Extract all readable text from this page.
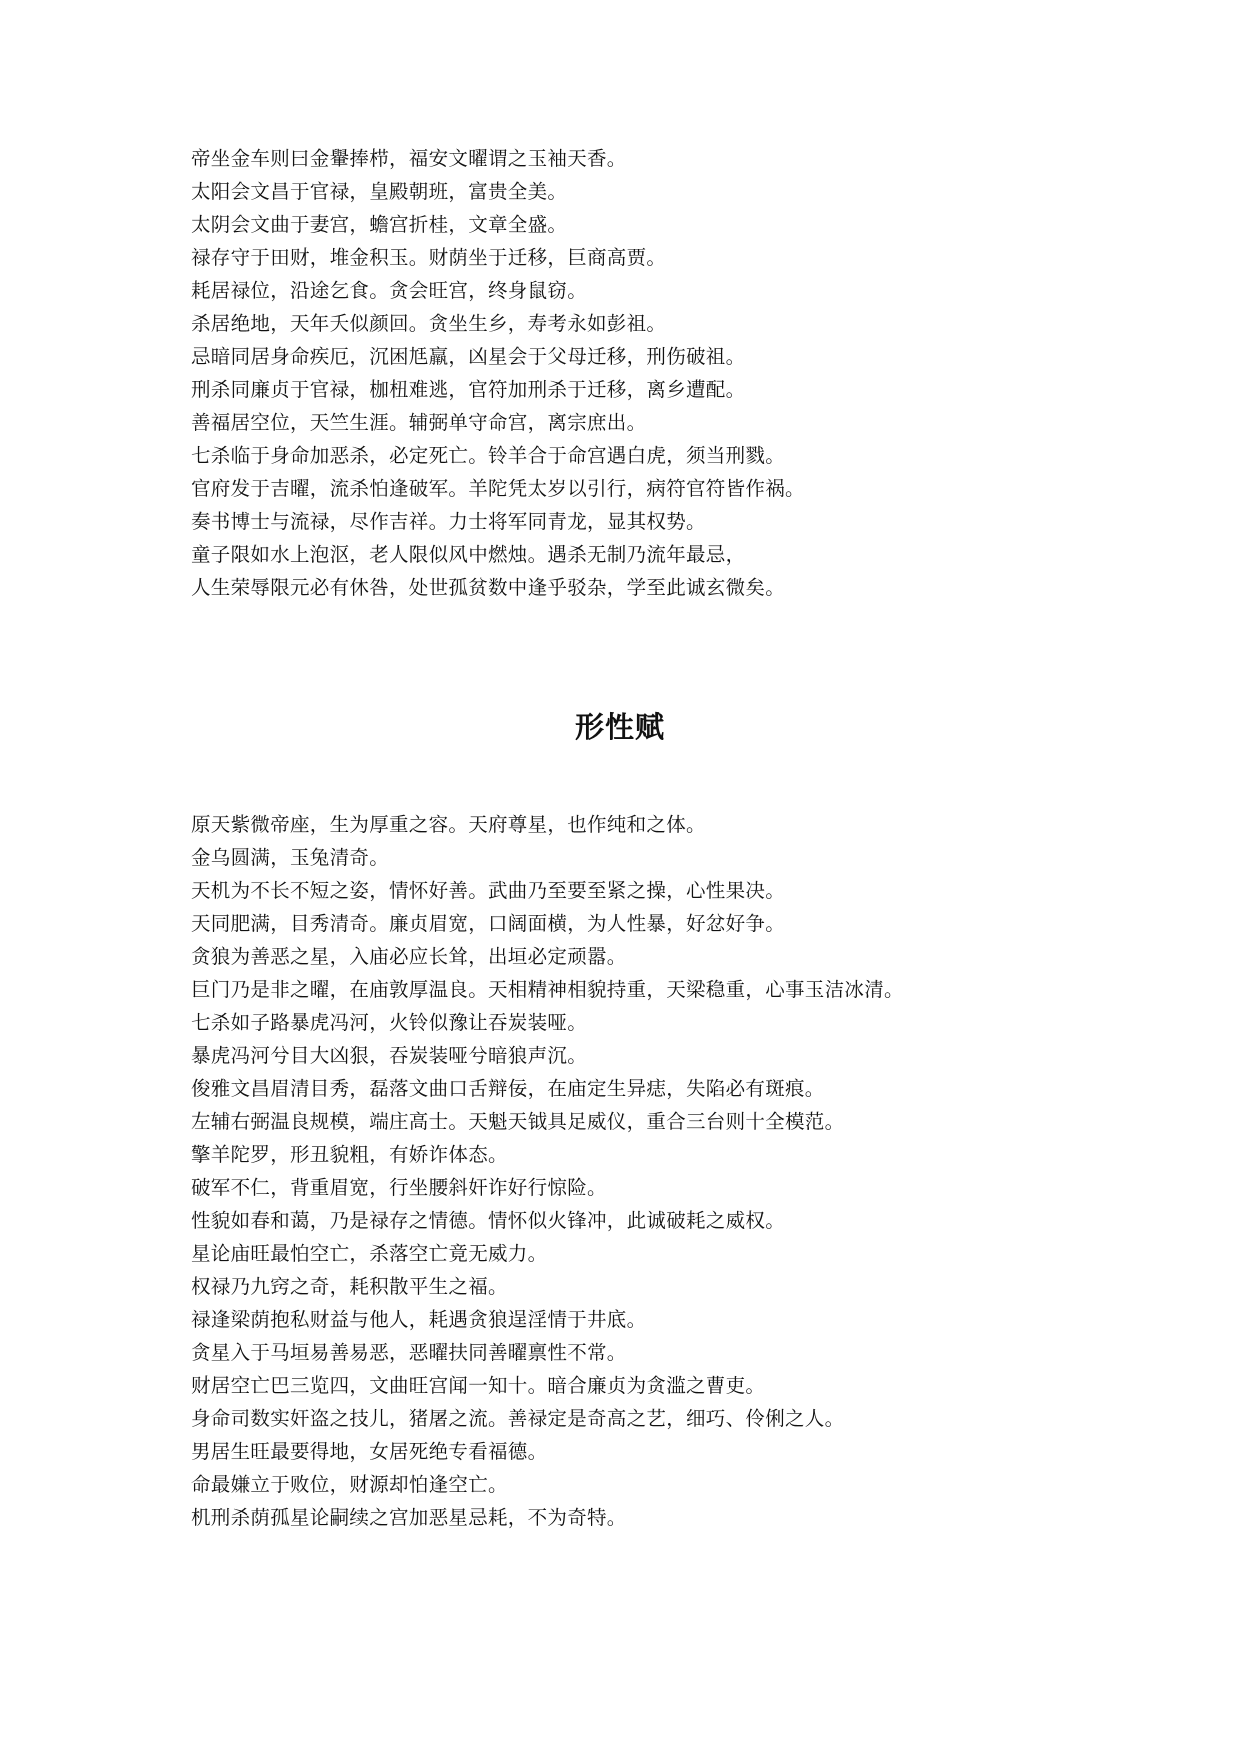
帝坐金车则曰金轝捧栉，福安文曜谓之玉袖天香。
太阳会文昌于官禄，皇殿朝班，富贵全美。
太阴会文曲于妻宫，蟾宫折桂，文章全盛。
禄存守于田财，堆金积玉。财荫坐于迁移，巨商高贾。
耗居禄位，沿途乞食。贪会旺宫，终身鼠窃。
杀居绝地，天年夭似颜回。贪坐生乡，寿考永如彭祖。
忌暗同居身命疾厄，沉困尪羸，凶星会于父母迁移，刑伤破祖。
刑杀同廉贞于官禄，枷杻难逃，官符加刑杀于迁移，离乡遭配。
善福居空位，天竺生涯。辅弼单守命宫，离宗庶出。
七杀临于身命加恶杀，必定死亡。铃羊合于命宫遇白虎，须当刑戮。
官府发于吉曜，流杀怕逢破军。羊陀凭太岁以引行，病符官符皆作祸。
奏书博士与流禄，尽作吉祥。力士将军同青龙，显其权势。
童子限如水上泡沤，老人限似风中燃烛。遇杀无制乃流年最忌，
人生荣辱限元必有休咎，处世孤贫数中逢乎驳杂，学至此诚玄微矣。
形性赋
原天紫微帝座，生为厚重之容。天府尊星，也作纯和之体。
金乌圆满，玉兔清奇。
天机为不长不短之姿，情怀好善。武曲乃至要至紧之操，心性果决。
天同肥满，目秀清奇。廉贞眉宽，口阔面横，为人性暴，好忿好争。
贪狼为善恶之星，入庙必应长耸，出垣必定顽嚣。
巨门乃是非之曜，在庙敦厚温良。天相精神相貌持重，天梁稳重，心事玉洁冰清。
七杀如子路暴虎冯河，火铃似豫让吞炭装哑。
暴虎冯河兮目大凶狠，吞炭装哑兮暗狼声沉。
俊雅文昌眉清目秀，磊落文曲口舌辩佞，在庙定生异痣，失陷必有斑痕。
左辅右弼温良规模，端庄高士。天魁天钺具足威仪，重合三台则十全模范。
擎羊陀罗，形丑貌粗，有娇诈体态。
破军不仁，背重眉宽，行坐腰斜奸诈好行惊险。
性貌如春和蔼，乃是禄存之情德。情怀似火锋冲，此诚破耗之威权。
星论庙旺最怕空亡，杀落空亡竟无威力。
权禄乃九窍之奇，耗积散平生之福。
禄逢梁荫抱私财益与他人，耗遇贪狼逞淫情于井底。
贪星入于马垣易善易恶，恶曜扶同善曜禀性不常。
财居空亡巴三览四，文曲旺宫闻一知十。暗合廉贞为贪滥之曹吏。
身命司数实奸盗之技儿，猪屠之流。善禄定是奇高之艺，细巧、伶俐之人。
男居生旺最要得地，女居死绝专看福德。
命最嫌立于败位，财源却怕逢空亡。
机刑杀荫孤星论嗣续之宫加恶星忌耗，不为奇特。
